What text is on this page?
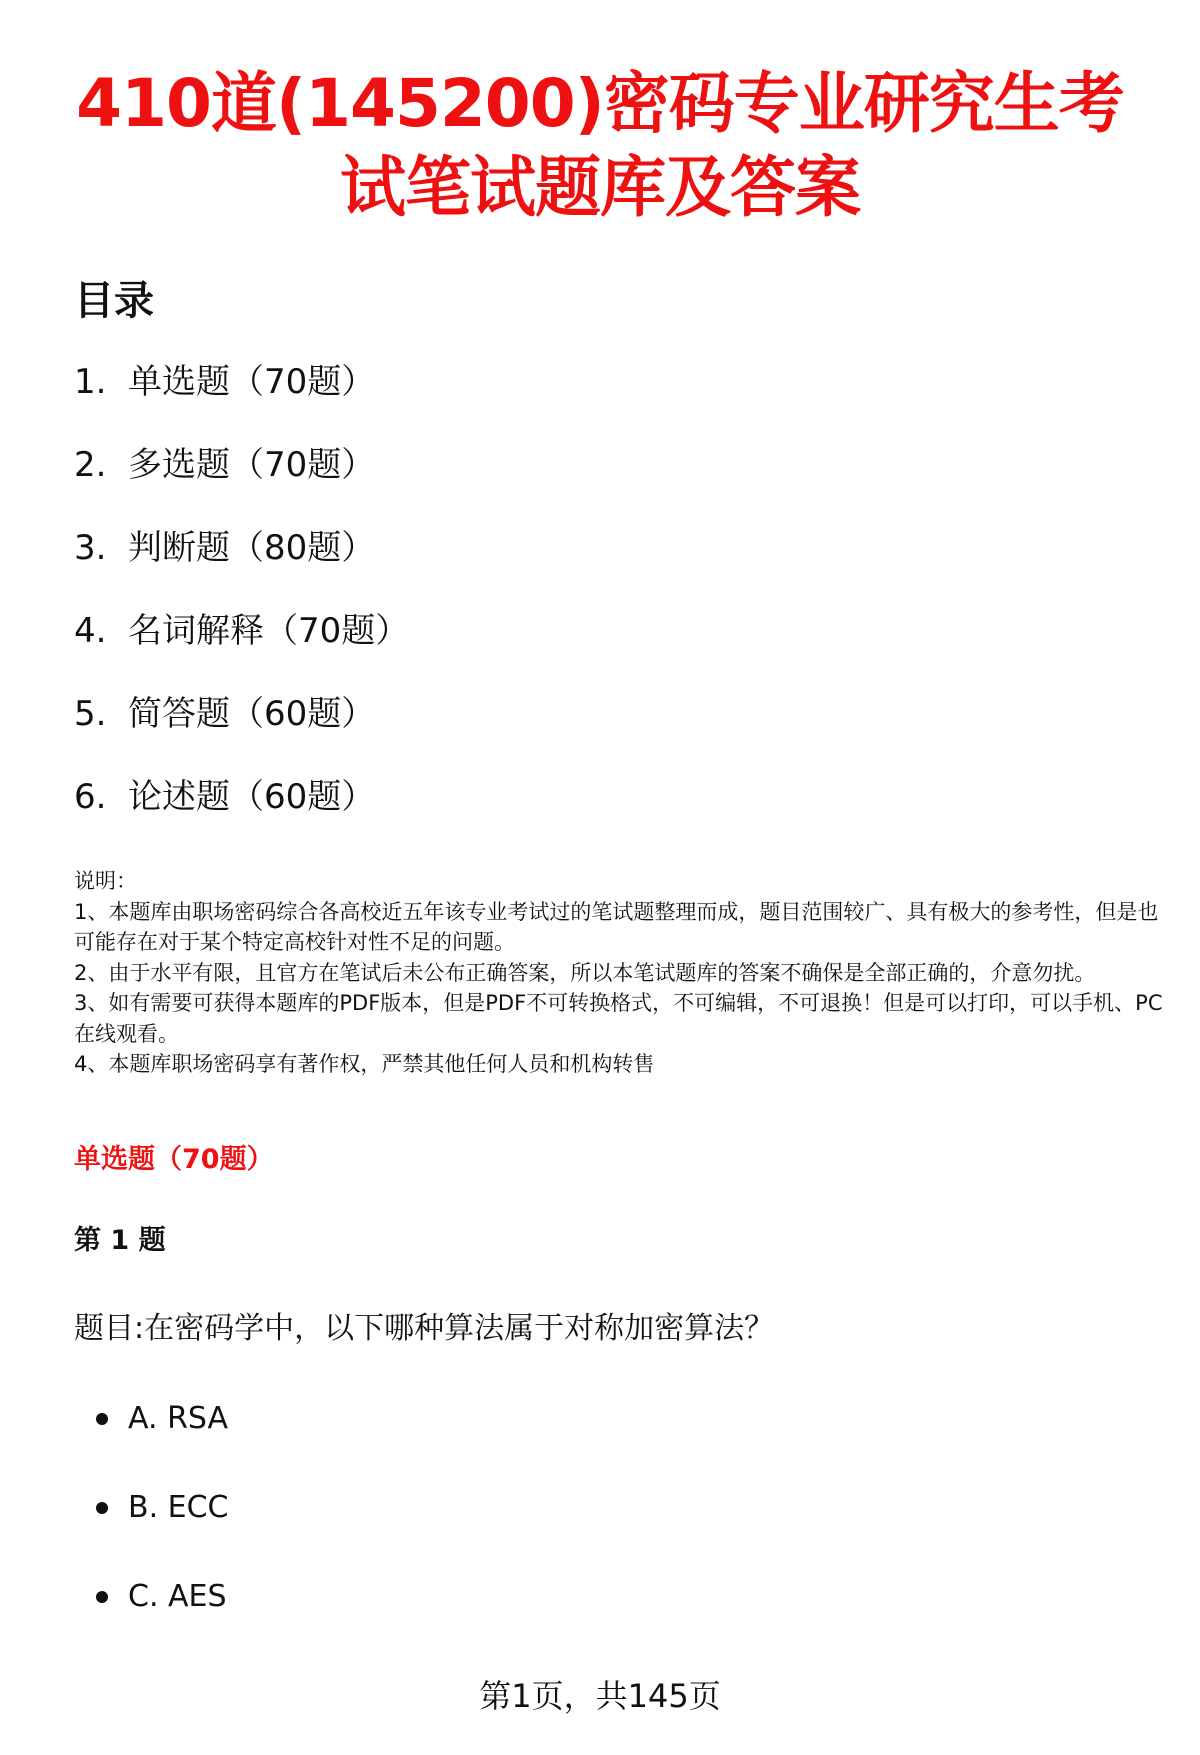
410道(145200)密码专业研究生考试笔试题库及答案
目录
1. 单选题（70题）
2. 多选题（70题）
3. 判断题（80题）
4. 名词解释（70题）
5. 简答题（60题）
6. 论述题（60题）

说明：

1、本题库由职场密码综合各高校近五年该专业考试过的笔试题整理而成，题目范围较广、具有极大的参考性，但是也可能存在对于某个特定高校针对性不足的问题。

2、由于水平有限，且官方在笔试后未公布正确答案，所以本笔试题库的答案不确保是全部正确的，介意勿扰。

3、如有需要可获得本题库的PDF版本，但是PDF不可转换格式，不可编辑，不可退换！但是可以打印，可以手机、PC在线观看。

4、本题库职场密码享有著作权，严禁其他任何人员和机构转售

单选题（70题）
第 1 题
题目:在密码学中，以下哪种算法属于对称加密算法？
A. RSA
B. ECC
C. AES
第1页，共145页
